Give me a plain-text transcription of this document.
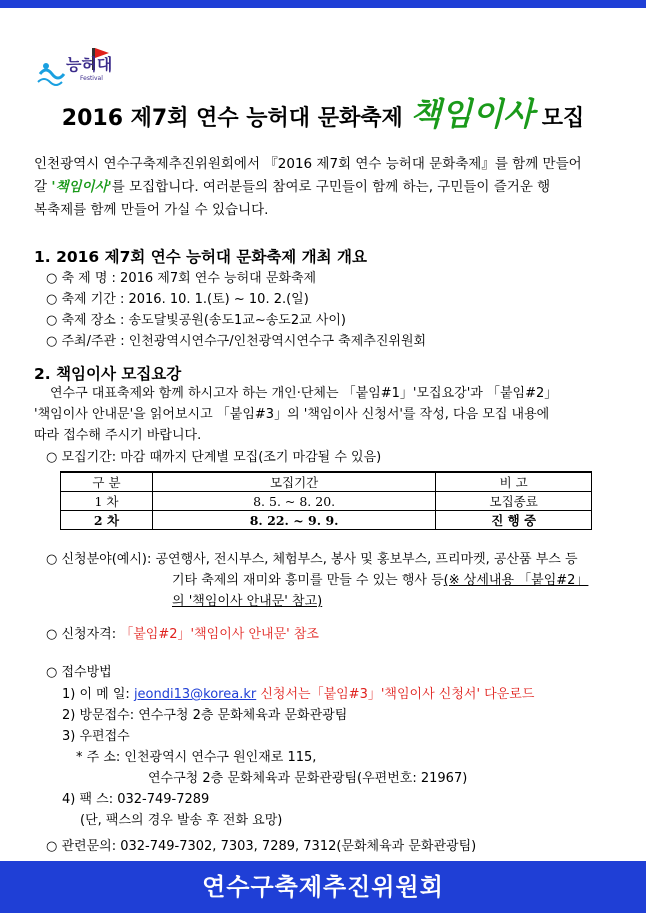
능허대
Festival
2016 제7회 연수 능허대 문화축제 책임이사 모집
인천광역시 연수구축제추진위원회에서 『2016 제7회 연수 능허대 문화축제』를 함께 만들어
갈 '책임이사'를 모집합니다. 여러분들의 참여로 구민들이 함께 하는, 구민들이 즐거운 행
복축제를 함께 만들어 가실 수 있습니다.
1. 2016 제7회 연수 능허대 문화축제 개최 개요
○ 축 제 명 : 2016 제7회 연수 능허대 문화축제
○ 축제 기간 : 2016. 10. 1.(토) ~ 10. 2.(일)
○ 축제 장소 : 송도달빛공원(송도1교~송도2교 사이)
○ 주최/주관 : 인천광역시연수구/인천광역시연수구 축제추진위원회
2. 책임이사 모집요강
연수구 대표축제와 함께 하시고자 하는 개인·단체는 「붙임#1」'모집요강'과 「붙임#2」
'책임이사 안내문'을 읽어보시고 「붙임#3」의 '책임이사 신청서'를 작성, 다음 모집 내용에
따라 접수해 주시기 바랍니다.
○ 모집기간: 마감 때까지 단계별 모집(조기 마감될 수 있음)
구 분	모집기간	비 고
1 차	8. 5. ~ 8. 20.	모집종료
2 차	8. 22. ~ 9. 9.	진 행 중
○ 신청분야(예시): 공연행사, 전시부스, 체험부스, 봉사 및 홍보부스, 프리마켓, 공산품 부스 등
기타 축제의 재미와 흥미를 만들 수 있는 행사 등(※ 상세내용 「붙임#2」
의 '책임이사 안내문' 참고)
○ 신청자격: 「붙임#2」'책임이사 안내문' 참조
○ 접수방법
1) 이 메 일: jeondi13@korea.kr 신청서는「붙임#3」'책임이사 신청서' 다운로드
2) 방문접수: 연수구청 2층 문화체육과 문화관광팀
3) 우편접수
* 주 소: 인천광역시 연수구 원인재로 115,
연수구청 2층 문화체육과 문화관광팀(우편번호: 21967)
4) 팩 스: 032-749-7289
(단, 팩스의 경우 발송 후 전화 요망)
○ 관련문의: 032-749-7302, 7303, 7289, 7312(문화체육과 문화관광팀)
연수구축제추진위원회
